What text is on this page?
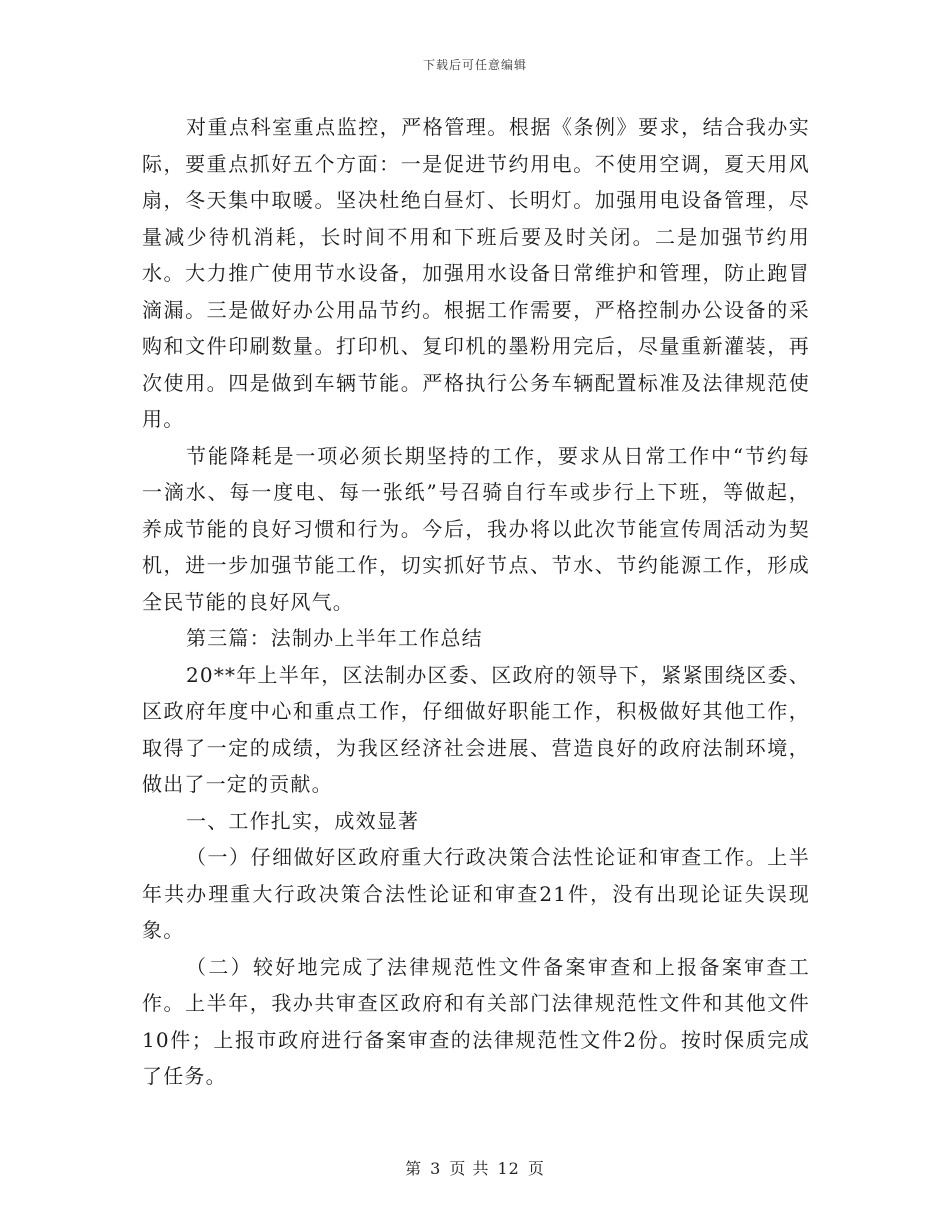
下载后可任意编辑

对重点科室重点监控，严格管理。根据《条例》要求，结合我办实际，要重点抓好五个方面：一是促进节约用电。不使用空调，夏天用风扇，冬天集中取暖。坚决杜绝白昼灯、长明灯。加强用电设备管理，尽量减少待机消耗，长时间不用和下班后要及时关闭。二是加强节约用水。大力推广使用节水设备，加强用水设备日常维护和管理，防止跑冒滴漏。三是做好办公用品节约。根据工作需要，严格控制办公设备的采购和文件印刷数量。打印机、复印机的墨粉用完后，尽量重新灌装，再次使用。四是做到车辆节能。严格执行公务车辆配置标准及法律规范使用。

节能降耗是一项必须长期坚持的工作，要求从日常工作中“节约每一滴水、每一度电、每一张纸”号召骑自行车或步行上下班，等做起，养成节能的良好习惯和行为。今后，我办将以此次节能宣传周活动为契机，进一步加强节能工作，切实抓好节点、节水、节约能源工作，形成全民节能的良好风气。

第三篇：法制办上半年工作总结

20**年上半年，区法制办区委、区政府的领导下，紧紧围绕区委、区政府年度中心和重点工作，仔细做好职能工作，积极做好其他工作，取得了一定的成绩，为我区经济社会进展、营造良好的政府法制环境，做出了一定的贡献。

一、工作扎实，成效显著

（一）仔细做好区政府重大行政决策合法性论证和审查工作。上半年共办理重大行政决策合法性论证和审查21件，没有出现论证失误现象。

（二）较好地完成了法律规范性文件备案审查和上报备案审查工作。上半年，我办共审查区政府和有关部门法律规范性文件和其他文件10件；上报市政府进行备案审查的法律规范性文件2份。按时保质完成了任务。

第 3 页 共 12 页
